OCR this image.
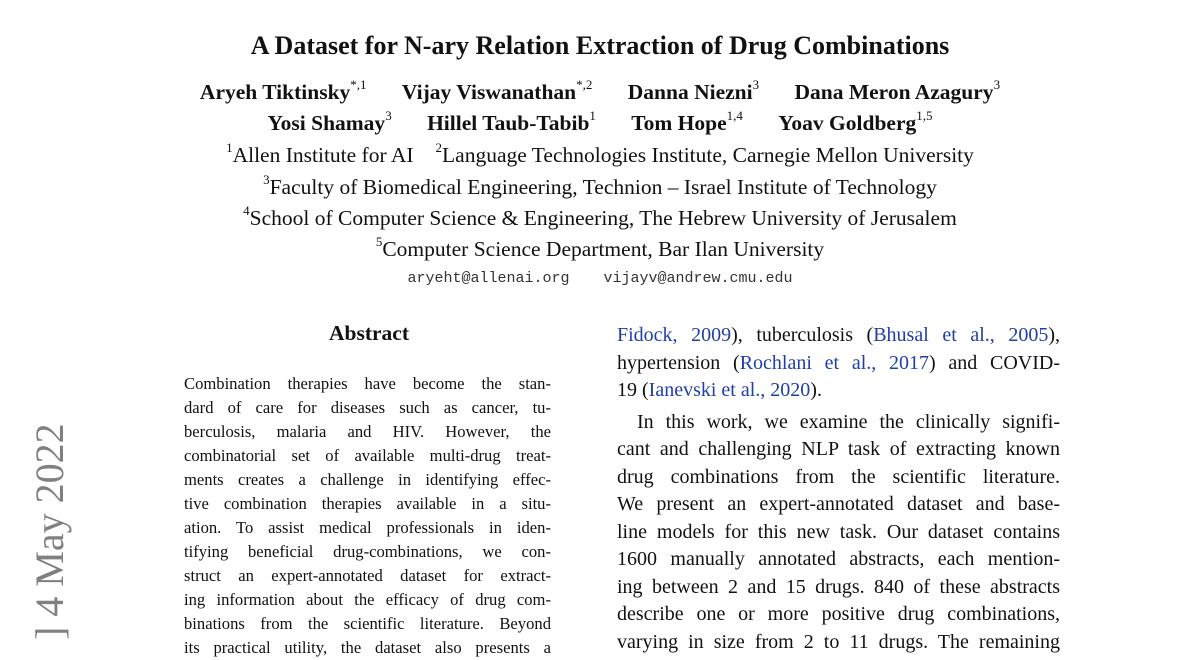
A Dataset for N-ary Relation Extraction of Drug Combinations
Aryeh Tiktinsky$^{*,1}$ Vijay Viswanathan$^{*,2}$ Danna Niezni$^3$ Dana Meron Azagury$^3$
Yosi Shamay$^3$ Hillel Taub-Tabib$^1$ Tom Hope$^{1,4}$ Yoav Goldberg$^{1,5}$
$^1$Allen Institute for AI $^2$Language Technologies Institute, Carnegie Mellon University
$^3$Faculty of Biomedical Engineering, Technion – Israel Institute of Technology
$^4$School of Computer Science & Engineering, The Hebrew University of Jerusalem
$^5$Computer Science Department, Bar Ilan University
aryeht@allenai.org vijayv@andrew.cmu.edu
] 4 May 2022
Abstract
Combination therapies have become the stan-
dard of care for diseases such as cancer, tu-
berculosis, malaria and HIV. However, the
combinatorial set of available multi-drug treat-
ments creates a challenge in identifying effec-
tive combination therapies available in a situ-
ation. To assist medical professionals in iden-
tifying beneficial drug-combinations, we con-
struct an expert-annotated dataset for extract-
ing information about the efficacy of drug com-
binations from the scientific literature. Beyond
its practical utility, the dataset also presents a
Fidock, 2009), tuberculosis (Bhusal et al., 2005),
hypertension (Rochlani et al., 2017) and COVID-
19 (Ianevski et al., 2020).
In this work, we examine the clinically signifi-
cant and challenging NLP task of extracting known
drug combinations from the scientific literature.
We present an expert-annotated dataset and base-
line models for this new task. Our dataset contains
1600 manually annotated abstracts, each mention-
ing between 2 and 15 drugs. 840 of these abstracts
describe one or more positive drug combinations,
varying in size from 2 to 11 drugs. The remaining
